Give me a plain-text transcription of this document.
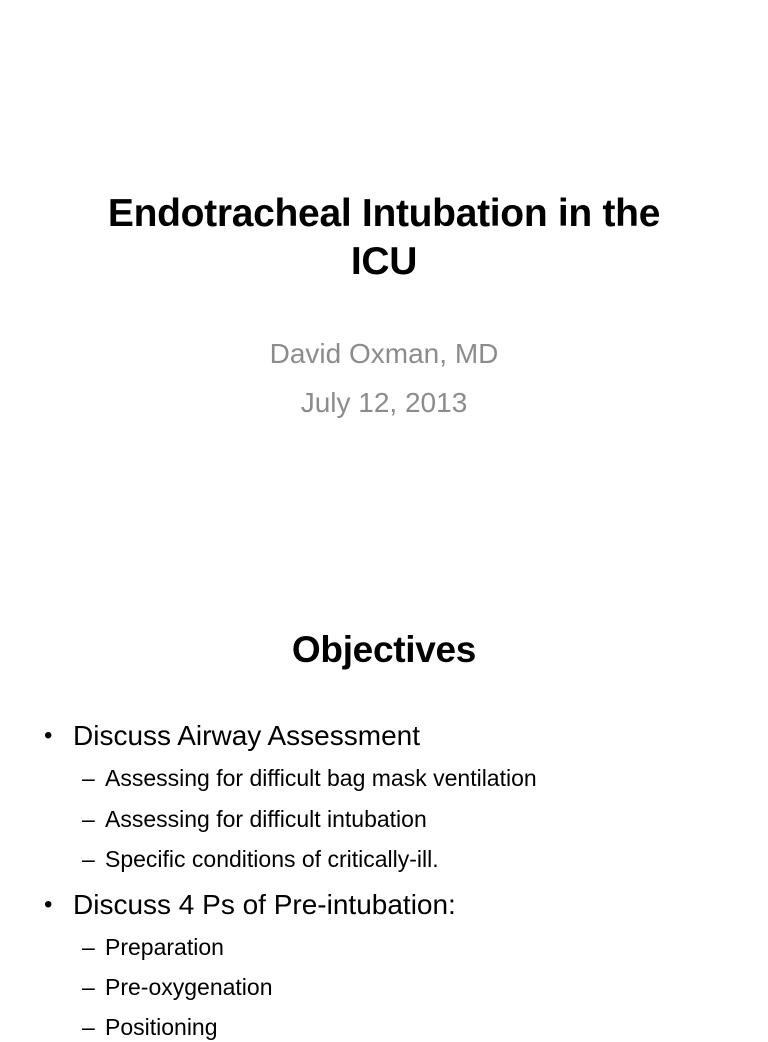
Endotracheal Intubation in the
ICU
David Oxman, MD
July 12, 2013
Objectives
• Discuss Airway Assessment
– Assessing for difficult bag mask ventilation
– Assessing for difficult intubation
– Specific conditions of critically-ill.
• Discuss 4 Ps of Pre-intubation:
– Preparation
– Pre-oxygenation
– Positioning
